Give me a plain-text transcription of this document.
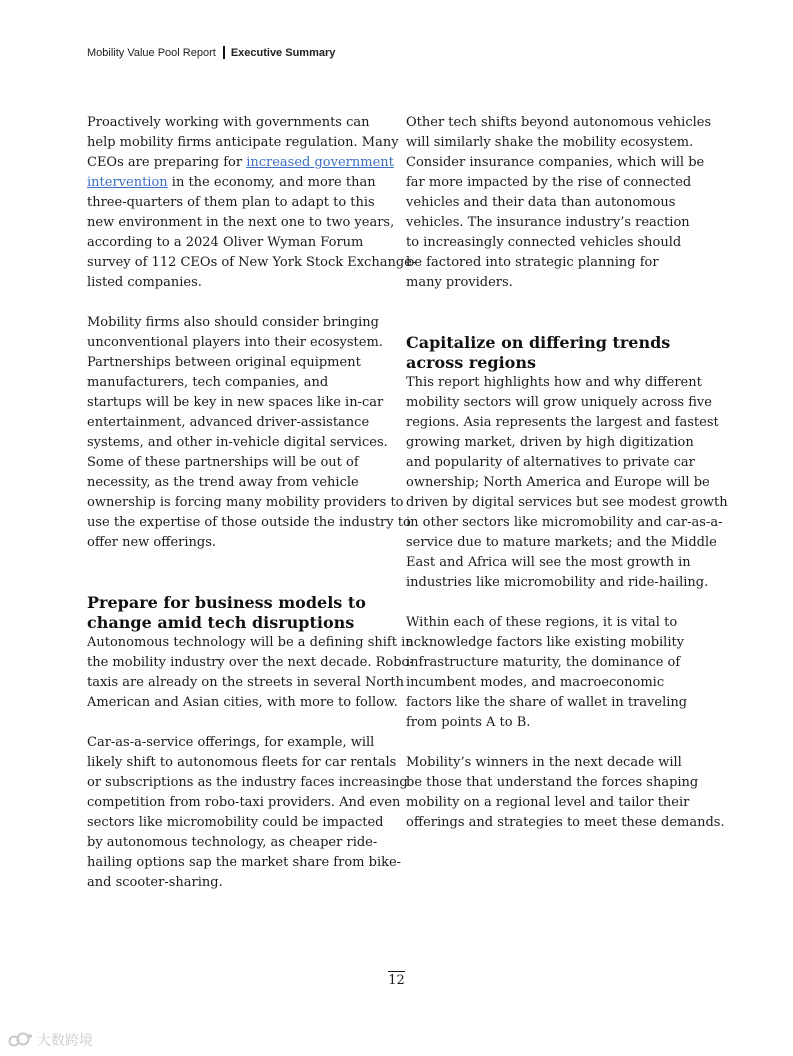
Mobility Value Pool Report Executive Summary
Proactively working with governments can
help mobility firms anticipate regulation. Many
CEOs are preparing for increased government
intervention in the economy, and more than
three-quarters of them plan to adapt to this
new environment in the next one to two years,
according to a 2024 Oliver Wyman Forum
survey of 112 CEOs of New York Stock Exchange-
listed companies.
Mobility firms also should consider bringing
unconventional players into their ecosystem.
Partnerships between original equipment
manufacturers, tech companies, and
startups will be key in new spaces like in-car
entertainment, advanced driver-assistance
systems, and other in-vehicle digital services.
Some of these partnerships will be out of
necessity, as the trend away from vehicle
ownership is forcing many mobility providers to
use the expertise of those outside the industry to
offer new offerings.
Prepare for business models to
change amid tech disruptions
Autonomous technology will be a defining shift in
the mobility industry over the next decade. Robo-
taxis are already on the streets in several North
American and Asian cities, with more to follow.
Car-as-a-service offerings, for example, will
likely shift to autonomous fleets for car rentals
or subscriptions as the industry faces increasing
competition from robo-taxi providers. And even
sectors like micromobility could be impacted
by autonomous technology, as cheaper ride-
hailing options sap the market share from bike-
and scooter-sharing.
Other tech shifts beyond autonomous vehicles
will similarly shake the mobility ecosystem.
Consider insurance companies, which will be
far more impacted by the rise of connected
vehicles and their data than autonomous
vehicles. The insurance industry’s reaction
to increasingly connected vehicles should
be factored into strategic planning for
many providers.
Capitalize on differing trends
across regions
This report highlights how and why different
mobility sectors will grow uniquely across five
regions. Asia represents the largest and fastest
growing market, driven by high digitization
and popularity of alternatives to private car
ownership; North America and Europe will be
driven by digital services but see modest growth
in other sectors like micromobility and car-as-a-
service due to mature markets; and the Middle
East and Africa will see the most growth in
industries like micromobility and ride-hailing.
Within each of these regions, it is vital to
acknowledge factors like existing mobility
infrastructure maturity, the dominance of
incumbent modes, and macroeconomic
factors like the share of wallet in traveling
from points A to B.
Mobility’s winners in the next decade will
be those that understand the forces shaping
mobility on a regional level and tailor their
offerings and strategies to meet these demands.
12
大数跨境
